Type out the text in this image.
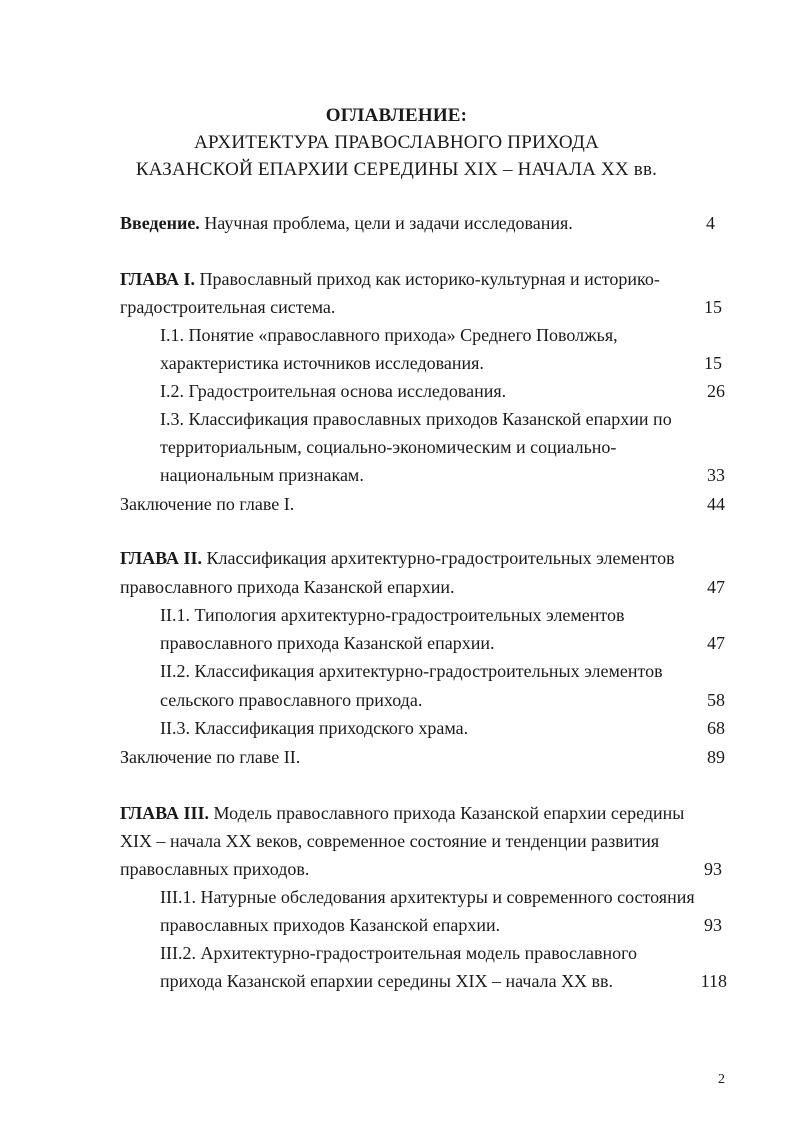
ОГЛАВЛЕНИЕ:
АРХИТЕКТУРА ПРАВОСЛАВНОГО ПРИХОДА
КАЗАНСКОЙ ЕПАРХИИ СЕРЕДИНЫ XIX – НАЧАЛА XX вв.
Введение. Научная проблема, цели и задачи исследования.	4
ГЛАВА I. Православный приход как историко-культурная и историко-
градостроительная система.	15
I.1. Понятие «православного прихода» Среднего Поволжья,
характеристика источников исследования.	15
I.2. Градостроительная основа исследования.	26
I.3. Классификация православных приходов Казанской епархии по
территориальным, социально-экономическим и социально-
национальным признакам.	33
Заключение по главе I.	44
ГЛАВА II. Классификация архитектурно-градостроительных элементов
православного прихода Казанской епархии.	47
II.1. Типология архитектурно-градостроительных элементов
православного прихода Казанской епархии.	47
II.2. Классификация архитектурно-градостроительных элементов
сельского православного прихода.	58
II.3. Классификация приходского храма.	68
Заключение по главе II.	89
ГЛАВА III. Модель православного прихода Казанской епархии середины
XIX – начала XX веков, современное состояние и тенденции развития
православных приходов.	93
III.1. Натурные обследования архитектуры и современного состояния
православных приходов Казанской епархии.	93
III.2. Архитектурно-градостроительная модель православного
прихода Казанской епархии середины XIX – начала XX вв.	118
2
